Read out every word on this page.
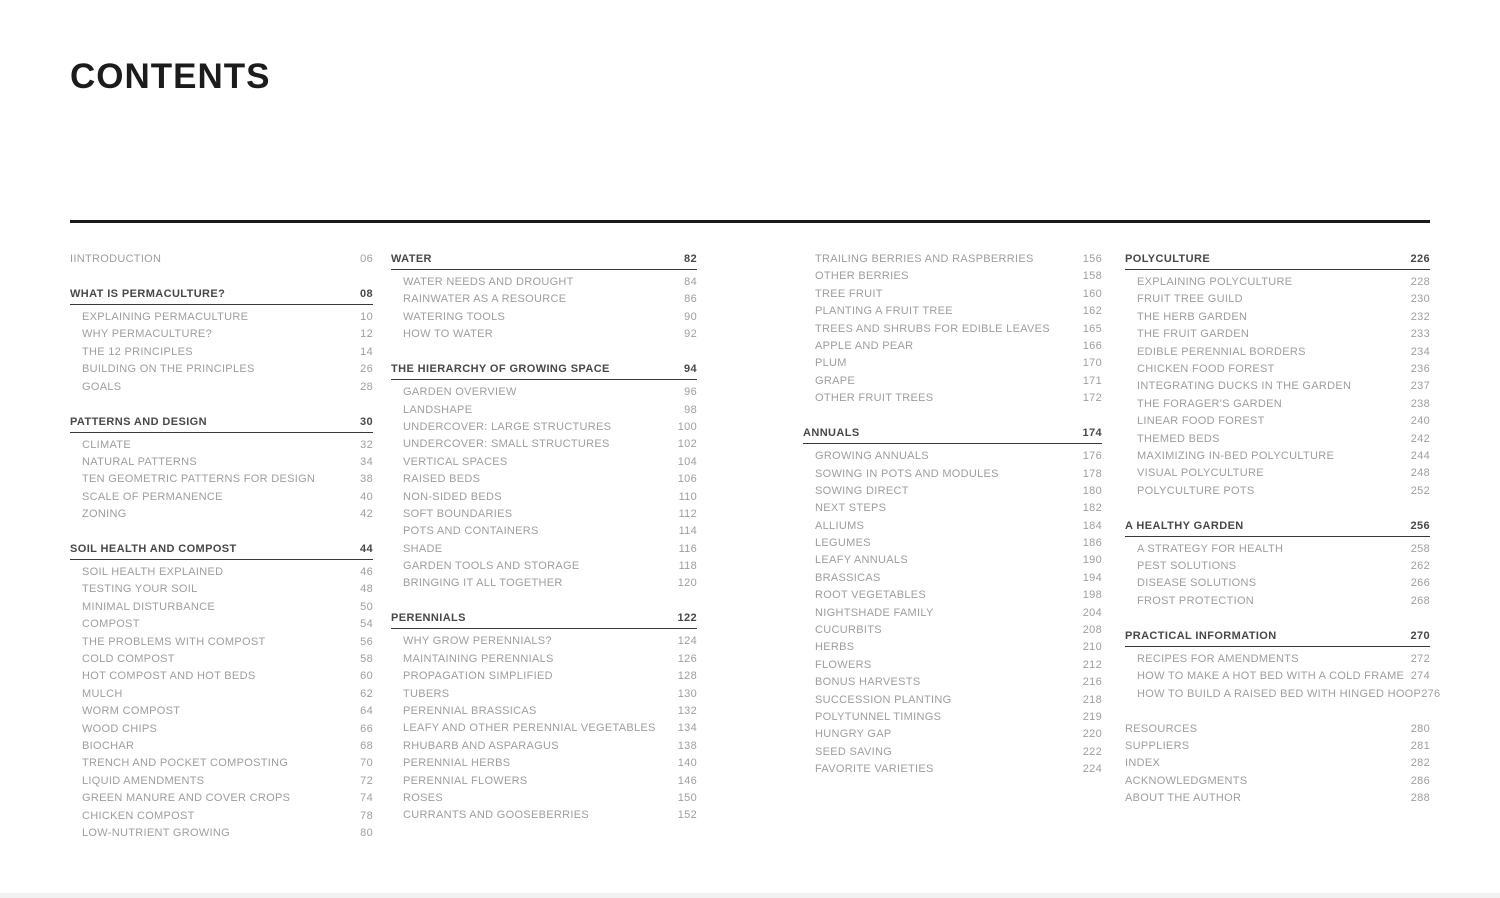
CONTENTS
IINTRODUCTION	06
WHAT IS PERMACULTURE?	08
EXPLAINING PERMACULTURE	10
WHY PERMACULTURE?	12
THE 12 PRINCIPLES	14
BUILDING ON THE PRINCIPLES	26
GOALS	28
PATTERNS AND DESIGN	30
CLIMATE	32
NATURAL PATTERNS	34
TEN GEOMETRIC PATTERNS FOR DESIGN	38
SCALE OF PERMANENCE	40
ZONING	42
SOIL HEALTH AND COMPOST	44
SOIL HEALTH EXPLAINED	46
TESTING YOUR SOIL	48
MINIMAL DISTURBANCE	50
COMPOST	54
THE PROBLEMS WITH COMPOST	56
COLD COMPOST	58
HOT COMPOST AND HOT BEDS	60
MULCH	62
WORM COMPOST	64
WOOD CHIPS	66
BIOCHAR	68
TRENCH AND POCKET COMPOSTING	70
LIQUID AMENDMENTS	72
GREEN MANURE AND COVER CROPS	74
CHICKEN COMPOST	78
LOW-NUTRIENT GROWING	80
WATER	82
WATER NEEDS AND DROUGHT	84
RAINWATER AS A RESOURCE	86
WATERING TOOLS	90
HOW TO WATER	92
THE HIERARCHY OF GROWING SPACE	94
GARDEN OVERVIEW	96
LANDSHAPE	98
UNDERCOVER: LARGE STRUCTURES	100
UNDERCOVER: SMALL STRUCTURES	102
VERTICAL SPACES	104
RAISED BEDS	106
NON-SIDED BEDS	110
SOFT BOUNDARIES	112
POTS AND CONTAINERS	114
SHADE	116
GARDEN TOOLS AND STORAGE	118
BRINGING IT ALL TOGETHER	120
PERENNIALS	122
WHY GROW PERENNIALS?	124
MAINTAINING PERENNIALS	126
PROPAGATION SIMPLIFIED	128
TUBERS	130
PERENNIAL BRASSICAS	132
LEAFY AND OTHER PERENNIAL VEGETABLES 134
RHUBARB AND ASPARAGUS	138
PERENNIAL HERBS	140
PERENNIAL FLOWERS	146
ROSES	150
CURRANTS AND GOOSEBERRIES	152
TRAILING BERRIES AND RASPBERRIES	156
OTHER BERRIES	158
TREE FRUIT	160
PLANTING A FRUIT TREE	162
TREES AND SHRUBS FOR EDIBLE LEAVES	165
APPLE AND PEAR	166
PLUM	170
GRAPE	171
OTHER FRUIT TREES	172
ANNUALS	174
GROWING ANNUALS	176
SOWING IN POTS AND MODULES	178
SOWING DIRECT	180
NEXT STEPS	182
ALLIUMS	184
LEGUMES	186
LEAFY ANNUALS	190
BRASSICAS	194
ROOT VEGETABLES	198
NIGHTSHADE FAMILY	204
CUCURBITS	208
HERBS	210
FLOWERS	212
BONUS HARVESTS	216
SUCCESSION PLANTING	218
POLYTUNNEL TIMINGS	219
HUNGRY GAP	220
SEED SAVING	222
FAVORITE VARIETIES	224
POLYCULTURE	226
EXPLAINING POLYCULTURE	228
FRUIT TREE GUILD	230
THE HERB GARDEN	232
THE FRUIT GARDEN	233
EDIBLE PERENNIAL BORDERS	234
CHICKEN FOOD FOREST	236
INTEGRATING DUCKS IN THE GARDEN	237
THE FORAGER'S GARDEN	238
LINEAR FOOD FOREST	240
THEMED BEDS	242
MAXIMIZING IN-BED POLYCULTURE	244
VISUAL POLYCULTURE	248
POLYCULTURE POTS	252
A HEALTHY GARDEN	256
A STRATEGY FOR HEALTH	258
PEST SOLUTIONS	262
DISEASE SOLUTIONS	266
FROST PROTECTION	268
PRACTICAL INFORMATION	270
RECIPES FOR AMENDMENTS	272
HOW TO MAKE A HOT BED WITH A COLD FRAME 274
HOW TO BUILD A RAISED BED WITH HINGED HOOP 276
RESOURCES	280
SUPPLIERS	281
INDEX	282
ACKNOWLEDGMENTS	286
ABOUT THE AUTHOR	288
